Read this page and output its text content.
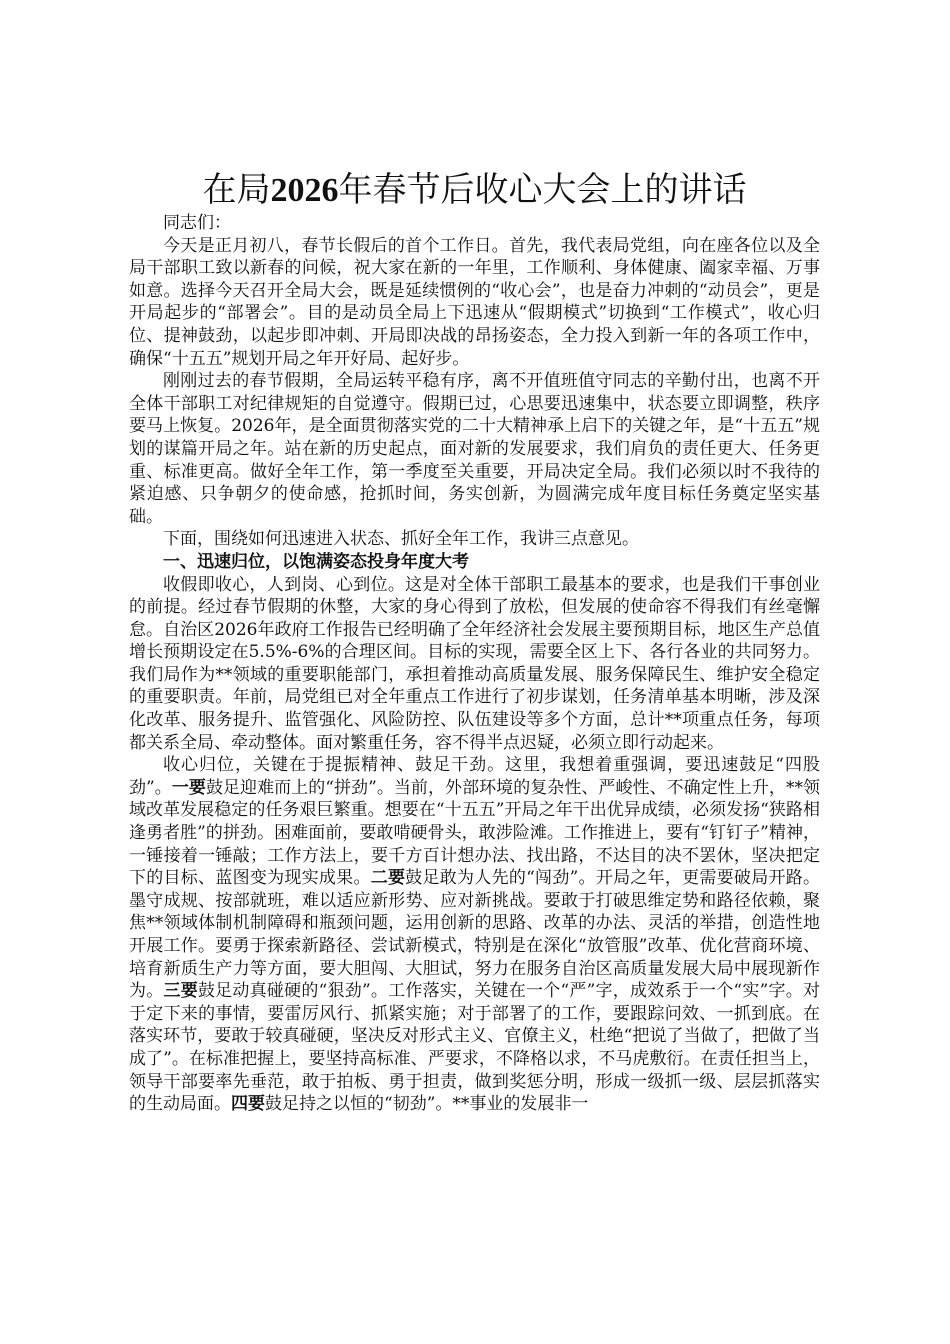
在局2026年春节后收心大会上的讲话

同志们：

今天是正月初八，春节长假后的首个工作日。首先，我代表局党组，向在座各位以及全局干部职工致以新春的问候，祝大家在新的一年里，工作顺利、身体健康、阖家幸福、万事如意。选择今天召开全局大会，既是延续惯例的“收心会”，也是奋力冲刺的“动员会”，更是开局起步的“部署会”。目的是动员全局上下迅速从“假期模式”切换到“工作模式”，收心归位、提神鼓劲，以起步即冲刺、开局即决战的昂扬姿态，全力投入到新一年的各项工作中，确保“十五五”规划开局之年开好局、起好步。

刚刚过去的春节假期，全局运转平稳有序，离不开值班值守同志的辛勤付出，也离不开全体干部职工对纪律规矩的自觉遵守。假期已过，心思要迅速集中，状态要立即调整，秩序要马上恢复。2026年，是全面贯彻落实党的二十大精神承上启下的关键之年，是“十五五”规划的谋篇开局之年。站在新的历史起点，面对新的发展要求，我们肩负的责任更大、任务更重、标准更高。做好全年工作，第一季度至关重要，开局决定全局。我们必须以时不我待的紧迫感、只争朝夕的使命感，抢抓时间，务实创新，为圆满完成年度目标任务奠定坚实基础。

下面，围绕如何迅速进入状态、抓好全年工作，我讲三点意见。

一、迅速归位，以饱满姿态投身年度大考

收假即收心，人到岗、心到位。这是对全体干部职工最基本的要求，也是我们干事创业的前提。经过春节假期的休整，大家的身心得到了放松，但发展的使命容不得我们有丝毫懈怠。自治区2026年政府工作报告已经明确了全年经济社会发展主要预期目标，地区生产总值增长预期设定在5.5%-6%的合理区间。目标的实现，需要全区上下、各行各业的共同努力。我们局作为**领域的重要职能部门，承担着推动高质量发展、服务保障民生、维护安全稳定的重要职责。年前，局党组已对全年重点工作进行了初步谋划，任务清单基本明晰，涉及深化改革、服务提升、监管强化、风险防控、队伍建设等多个方面，总计**项重点任务，每项都关系全局、牵动整体。面对繁重任务，容不得半点迟疑，必须立即行动起来。

收心归位，关键在于提振精神、鼓足干劲。这里，我想着重强调，要迅速鼓足“四股劲”。一要鼓足迎难而上的“拼劲”。当前，外部环境的复杂性、严峻性、不确定性上升，**领域改革发展稳定的任务艰巨繁重。想要在“十五五”开局之年干出优异成绩，必须发扬“狭路相逢勇者胜”的拼劲。困难面前，要敢啃硬骨头，敢涉险滩。工作推进上，要有“钉钉子”精神，一锤接着一锤敲；工作方法上，要千方百计想办法、找出路，不达目的决不罢休，坚决把定下的目标、蓝图变为现实成果。二要鼓足敢为人先的“闯劲”。开局之年，更需要破局开路。墨守成规、按部就班，难以适应新形势、应对新挑战。要敢于打破思维定势和路径依赖，聚焦**领域体制机制障碍和瓶颈问题，运用创新的思路、改革的办法、灵活的举措，创造性地开展工作。要勇于探索新路径、尝试新模式，特别是在深化“放管服”改革、优化营商环境、培育新质生产力等方面，要大胆闯、大胆试，努力在服务自治区高质量发展大局中展现新作为。三要鼓足动真碰硬的“狠劲”。工作落实，关键在一个“严”字，成效系于一个“实”字。对于定下来的事情，要雷厉风行、抓紧实施；对于部署了的工作，要跟踪问效、一抓到底。在落实环节，要敢于较真碰硬，坚决反对形式主义、官僚主义，杜绝“把说了当做了，把做了当成了”。在标准把握上，要坚持高标准、严要求，不降格以求，不马虎敷衍。在责任担当上，领导干部要率先垂范，敢于拍板、勇于担责，做到奖惩分明，形成一级抓一级、层层抓落实的生动局面。四要鼓足持之以恒的“韧劲”。**事业的发展非一
